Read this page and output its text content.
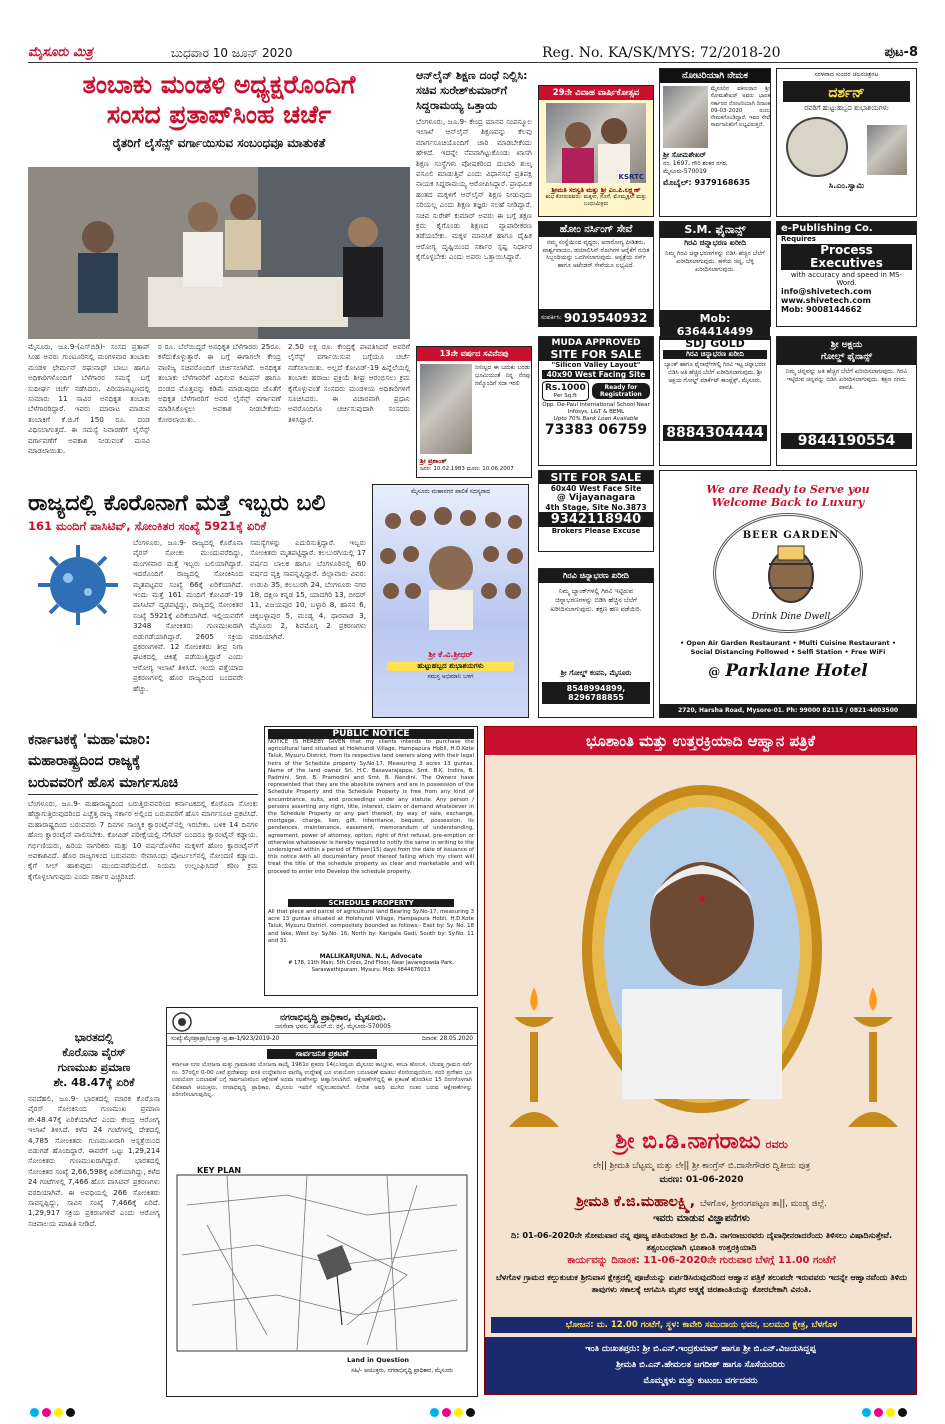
ಮೈಸೂರು ಮಿತ್ರ	ಬುಧವಾರ 10 ಜೂನ್ 2020	Reg. No. KA/SK/MYS: 72/2018-20	ಪುಟ-8
ತಂಬಾಕು ಮಂಡಳಿ ಅಧ್ಯಕ್ಷರೊಂದಿಗೆ
ಸಂಸದ ಪ್ರತಾಪ್‌ಸಿಂಹ ಚರ್ಚೆ
ರೈತರಿಗೆ ಲೈಸೆನ್ಸ್ ವರ್ಗಾಯಿಸುವ ಸಂಬಂಧವೂ ಮಾತುಕತೆ
ಮೈಸೂರು, ಜೂ.9-(ಎಸ್‌ಬಿಡಿ)- ಸಂಸದ ಪ್ರತಾಪ್ ಸಿಂಹ ಅವರು ಗುಂಟೂರಿನಲ್ಲಿ ಮಂಗಳವಾರ ತಂಬಾಕು ಮಂಡಳಿ ಛೇರ್ಮನ್ ರಘುನಾಥ್ ಬಾಬು ಹಾಗೂ ಅಧಿಕಾರಿಗಳೊಂದಿಗೆ ಬೆಳೆಗಾರರ ಸಮಸ್ಯೆ ಬಗ್ಗೆ ಸುದೀರ್ಘ ಚರ್ಚೆ ನಡೆಸಿದರು. ಪಿರಿಯಾಪಟ್ಟಣದಲ್ಲಿ ಸುಮಾರು 11 ಸಾವಿರ ಅನಧಿಕೃತ ತಂಬಾಕು ಬೆಳೆಗಾರರಿದ್ದಾರೆ. ಇವರು ಮಾರಾಟ ಮಾಡುವ ತಂಬಾಕಿಗೆ ಕೆ.ಜಿ.ಗೆ 150 ರೂ. ದಂಡ ವಿಧಿಸಲಾಗುತ್ತದೆ. ಈ ಸಮಸ್ಯೆ ನಿವಾರಣೆಗೆ ಲೈಸೆನ್ಸ್ ವರ್ಗಾವಣೆಗೆ ಅವಕಾಶ ನೀಡುವಂತೆ ಮನವಿ ಮಾಡಲಾಯಿತು.
ರ ರೂ. ಬೆಲೆಯಿದ್ದರೆ ಅನಧಿಕೃತ ಬೆಳೆಗಾರರು 25ರೂ. ಕಳೆದುಕೊಳ್ಳುತ್ತಾರೆ. ಈ ಬಗ್ಗೆ ಈಗಾಗಲೇ ಕೇಂದ್ರ ವಾಣಿಜ್ಯ ಸಚಿವರೊಂದಿಗೆ ಚರ್ಚಿಸಲಾಗಿದೆ. ಅನಧಿಕೃತ ತಂಬಾಕು ಬೆಳೆಗಾರರಿಗೆ ವಿಧಿಸುವ ಕಮಿಷನ್ ಹಾಗೂ ದಂಡದ ಮೊತ್ತವನ್ನು ಕಡಿಮೆ ಮಾಡುವುದರ ಜೊತೆಗೆ ಅಧಿಕೃತ ಬೆಳೆಗಾರರಿಗೆ ಅವರ ಲೈಸೆನ್ಸ್ ವರ್ಗಾವಣೆ ಮಾಡಿಸಿಕೊಳ್ಳಲು ಅವಕಾಶ ನೀಡಬೇಕೆಂದು ಕೋರಲಾಯಿತು.
2.50 ಲಕ್ಷ ರೂ. ಕೇಂದ್ರಕ್ಕೆ ಪಾವತಿಸಿದರೆ ಅವರಿಗೆ ಲೈಸೆನ್ಸ್ ವರ್ಗಾಯಿಸುವ ಬಗ್ಗೆಯೂ ಚರ್ಚೆ ನಡೆಸಲಾಯಿತು. ಅಲ್ಲದೆ ಕೋವಿಡ್-19 ಹಿನ್ನೆಲೆಯಲ್ಲಿ ತಂಬಾಕು ಹರಾಜು ಪ್ರಕ್ರಿಯೆ ಶೀಘ್ರ ಆರಂಭಿಸಲು ಕ್ರಮ ಕೈಗೊಳ್ಳುವಂತೆ ಸಂಸದರು ಮಂಡಳಿಯ ಅಧಿಕಾರಿಗಳಿಗೆ ಸೂಚಿಸಿದರು. ಈ ವಿಚಾರವಾಗಿ ಪ್ರಧಾನಿ ಅವರೊಂದಿಗೂ ಚರ್ಚಿಸುವುದಾಗಿ ಸಂಸದರು ತಿಳಿಸಿದ್ದಾರೆ.
ಆನ್‌ಲೈನ್ ಶಿಕ್ಷಣ ದಂಧೆ ನಿಲ್ಲಿಸಿ: ಸಚಿವ ಸುರೇಶ್‌ಕುಮಾರ್‌ಗೆ ಸಿದ್ದರಾಮಯ್ಯ ಒತ್ತಾಯ
ಬೆಂಗಳೂರು, ಜೂ.9- ಕೇಂದ್ರ ಮಾನವ ಸಂಪನ್ಮೂಲ ಇಲಾಖೆ ಆನ್‌ಲೈನ್ ಶಿಕ್ಷಣವನ್ನು ಕೆಲವು ಮಾರ್ಗಸೂಚಿಯೊಂದಿಗೆ ಜಾರಿ ಮಾಡಬೇಕೆಂದು ಹೇಳಿದೆ. ಇದನ್ನೇ ನೆಪವಾಗಿಟ್ಟುಕೊಂಡು ಖಾಸಗಿ ಶಿಕ್ಷಣ ಸಂಸ್ಥೆಗಳು ಪೋಷಕರಿಂದ ದುಬಾರಿ ಶುಲ್ಕ ವಸೂಲಿ ಮಾಡುತ್ತಿವೆ ಎಂದು ವಿಧಾನಸಭೆ ಪ್ರತಿಪಕ್ಷ ನಾಯಕ ಸಿದ್ದರಾಮಯ್ಯ ಆರೋಪಿಸಿದ್ದಾರೆ. ಪ್ರಾಥಮಿಕ ಹಂತದ ಮಕ್ಕಳಿಗೆ ಆನ್‌ಲೈನ್ ಶಿಕ್ಷಣ ನೀಡುವುದು ಸರಿಯಲ್ಲ ಎಂದು ಶಿಕ್ಷಣ ತಜ್ಞರು ಸಲಹೆ ನೀಡಿದ್ದಾರೆ. ಸಚಿವ ಸುರೇಶ್ ಕುಮಾರ್ ಅವರು ಈ ಬಗ್ಗೆ ತಕ್ಷಣ ಕ್ರಮ ಕೈಗೊಂಡು ಶಿಕ್ಷಣದ ವ್ಯಾಪಾರೀಕರಣ ತಡೆಯಬೇಕು. ಮಕ್ಕಳ ಮಾನಸಿಕ ಹಾಗೂ ದೈಹಿಕ ಆರೋಗ್ಯ ದೃಷ್ಟಿಯಿಂದ ಸರ್ಕಾರ ಸ್ಪಷ್ಟ ನಿರ್ಧಾರ ಕೈಗೊಳ್ಳಬೇಕು ಎಂದು ಅವರು ಒತ್ತಾಯಿಸಿದ್ದಾರೆ.
29ನೇ ವಿವಾಹ ವಾರ್ಷಿಕೋತ್ಸವ
KSRTC
ಶ್ರೀಮತಿ ಸರಸ್ವತಿ ಮತ್ತು ಶ್ರೀ ಎಂ.ಪಿ.ಲಕ್ಷ್ಮಣ್
ಶುಭ ಕೋರುವವರು: ಮಕ್ಕಳು, ಸೊಸೆ, ಮೊಮ್ಮಕ್ಕಳು ಮತ್ತು ಬಂಧುಮಿತ್ರರು
ನೋಟರಿಯಾಗಿ ನೇಮಕ
ಮೈಸೂರಿನ ವಕೀಲರಾದ ಶ್ರೀ ಸೋಮಶೇಖರ್ ಅವರು ಭಾರತ ಸರ್ಕಾರದ ನೋಟರಿಯಾಗಿ ದಿನಾಂಕ 09-03-2020 ರಂದು ನೇಮಕಗೊಂಡಿದ್ದಾರೆ. ಇವರ ಸೇವೆ ಸಾರ್ವಜನಿಕರಿಗೆ ಲಭ್ಯವಿರುತ್ತದೆ.
ಶ್ರೀ ಸೋಮಶೇಖರ್
ನಂ. 1697, ಗೌರಿ ಶಂಕರ ನಗರ, ಮೈಸೂರು-570019
ಮೊಬೈಲ್: 9379168635
ಸರಳವಾದ ಸುಂದರ ಚಲನಚಿತ್ರನಟ
ದರ್ಶನ್
ರವರಿಗೆ ಹುಟ್ಟುಹಬ್ಬದ ಶುಭಾಶಯಗಳು
ಸಿ.ಎಂ.ಸ್ವಾಮಿ
ಹೋಂ ನರ್ಸಿಂಗ್ ಸೇವೆ
ನಮ್ಮ ಸಂಸ್ಥೆಯಿಂದ ವೃದ್ಧರು, ಅನಾರೋಗ್ಯ ಪೀಡಿತರು, ಪಾರ್ಶ್ವವಾಯು, ಡಯಾಲಿಸಿಸ್ ರೋಗಿಗಳ ಆರೈಕೆಗೆ ನುರಿತ ಸಿಬ್ಬಂದಿಯನ್ನು ಒದಗಿಸಲಾಗುವುದು. ಆಸ್ಪತ್ರೆಯ ನರ್ಸ್ ಹಾಗೂ ಅಟೆಂಡರ್ ಸೇವೆಯೂ ಲಭ್ಯವಿದೆ.
ಸಂಪರ್ಕಿಸಿ: 9019540932
S.M. ಫೈನಾನ್ಸ್
ಗಿರವಿ ಚಿನ್ನಾಭರಣ ಖರೀದಿ
ನಿಮ್ಮ ಗಿರವಿ ಚಿನ್ನಾಭರಣಗಳನ್ನು ಬಿಡಿಸಿ ಹೆಚ್ಚಿನ ಬೆಲೆಗೆ ಖರೀದಿಸಲಾಗುವುದು. ಹಳೆಯ ಚಿನ್ನ, ಬೆಳ್ಳಿ ಖರೀದಿಸಲಾಗುವುದು.
Mob: 6364414499
e-Publishing Co.
Requires
Process
Executives
with accuracy and speed in MS-Word.
info@shivetech.com
www.shivetech.com
Mob: 9008144662
13ನೇ ವರ್ಷದ ಸವಿನೆನಪು
ನೀನಿಲ್ಲದ ಈ ಬದುಕು ಬರಡು ಭೂಮಿಯಂತೆ ನಿನ್ನ ನೆನಪು ನಮ್ಮೊಂದಿಗೆ ಸದಾ ಇರಲಿ
ಶ್ರೀ ಪ್ರಶಾಂತ್
ಜನನ: 10.02.1983 ಮರಣ: 10.06.2007
MUDA APPROVED
SITE FOR SALE
"Silicon Valley Layout"
40x90 West Facing Site
Rs.1000
Per Sq.ft
Ready for Registration
Opp. De-Paul International School Near Infosys, L&T & BEML
Upto 70% Bank Loan Available
73383 06759
SDJ GOLD
ಗಿರವಿ ಚಿನ್ನಾಭರಣ ಖರೀದಿ
ಬ್ಯಾಂಕ್ ಹಾಗೂ ಫೈನಾನ್ಸ್‌ಗಳಲ್ಲಿ ಗಿರವಿ ಇಟ್ಟ ಚಿನ್ನಾಭರಣ ಬಿಡಿಸಿ ಅತಿ ಹೆಚ್ಚಿನ ಬೆಲೆಗೆ ಖರೀದಿಸಲಾಗುವುದು. ಶ್ರೀ ಅಕ್ಷಯ ಗೋಲ್ಡ್ ಮಾರ್ಕೆಟ್ ಕಾಂಪ್ಲೆಕ್ಸ್, ಮೈಸೂರು.
8884304444
ಶ್ರೀ ಅಕ್ಷಯ
ಗೋಲ್ಡ್ ಫೈನಾನ್ಸ್
ನಿಮ್ಮ ಚಿನ್ನವನ್ನು ಅತಿ ಹೆಚ್ಚಿನ ಬೆಲೆಗೆ ಖರೀದಿಸಲಾಗುವುದು. ಗಿರವಿ ಇಟ್ಟಿರುವ ಚಿನ್ನವನ್ನು ಬಿಡಿಸಿ ಖರೀದಿಸಲಾಗುವುದು. ತಕ್ಷಣ ನಗದು ಪಾವತಿ.
9844190554
ರಾಜ್ಯದಲ್ಲಿ ಕೊರೊನಾಗೆ ಮತ್ತೆ ಇಬ್ಬರು ಬಲಿ
161 ಮಂದಿಗೆ ಪಾಸಿಟಿವ್, ಸೋಂಕಿತರ ಸಂಖ್ಯೆ 5921ಕ್ಕೆ ಏರಿಕೆ
ಬೆಂಗಳೂರು, ಜೂ.9- ರಾಜ್ಯದಲ್ಲಿ ಕೊರೊನಾ ವೈರಸ್ ಸೋಂಕು ಮುಂದುವರೆದಿದ್ದು, ಮಂಗಳವಾರ ಮತ್ತೆ ಇಬ್ಬರು ಬಲಿಯಾಗಿದ್ದಾರೆ. ಇದರೊಂದಿಗೆ ರಾಜ್ಯದಲ್ಲಿ ಸೋಂಕಿನಿಂದ ಮೃತಪಟ್ಟವರ ಸಂಖ್ಯೆ 66ಕ್ಕೆ ಏರಿಕೆಯಾಗಿದೆ. ಇಂದು ಮತ್ತೆ 161 ಮಂದಿಗೆ ಕೋವಿಡ್-19 ಪಾಸಿಟಿವ್ ದೃಢಪಟ್ಟಿದ್ದು, ರಾಜ್ಯದಲ್ಲಿ ಸೋಂಕಿತರ ಸಂಖ್ಯೆ 5921ಕ್ಕೆ ಏರಿಕೆಯಾಗಿದೆ. ಇಲ್ಲಿಯವರೆಗೆ 3248 ಸೋಂಕಿತರು ಗುಣಮುಖರಾಗಿ ಬಿಡುಗಡೆಯಾಗಿದ್ದಾರೆ. 2605 ಸಕ್ರಿಯ ಪ್ರಕರಣಗಳಿವೆ. 12 ಸೋಂಕಿತರು ತೀವ್ರ ನಿಗಾ ಘಟಕದಲ್ಲಿ ಚಿಕಿತ್ಸೆ ಪಡೆಯುತ್ತಿದ್ದಾರೆ ಎಂದು ಆರೋಗ್ಯ ಇಲಾಖೆ ತಿಳಿಸಿದೆ. ಇಂದು ಪತ್ತೆಯಾದ ಪ್ರಕರಣಗಳಲ್ಲಿ ಹೊರ ರಾಜ್ಯದಿಂದ ಬಂದವರೇ ಹೆಚ್ಚು.
ಸಮಸ್ಯೆಗಳನ್ನು ಎದುರಿಸುತ್ತಿದ್ದಾರೆ. ಇಬ್ಬರು ಸೋಂಕಿತರು ಮೃತಪಟ್ಟಿದ್ದಾರೆ. ಕಲಬುರಗಿಯಲ್ಲಿ 17 ವರ್ಷದ ಬಾಲಕ ಹಾಗೂ ಬೆಂಗಳೂರಿನಲ್ಲಿ 60 ವರ್ಷದ ವ್ಯಕ್ತಿ ಸಾವನ್ನಪ್ಪಿದ್ದಾರೆ. ಜಿಲ್ಲಾವಾರು ವಿವರ: ಉಡುಪಿ 35, ಕಲಬುರಗಿ 24, ಬೆಂಗಳೂರು ನಗರ 18, ದಕ್ಷಿಣ ಕನ್ನಡ 15, ಯಾದಗಿರಿ 13, ಬೀದರ್ 11, ವಿಜಯಪುರ 10, ಬಳ್ಳಾರಿ 8, ಹಾಸನ 6, ಚಿಕ್ಕಬಳ್ಳಾಪುರ 5, ಮಂಡ್ಯ 4, ಧಾರವಾಡ 3, ಮೈಸೂರು 2, ಶಿವಮೊಗ್ಗ 2 ಪ್ರಕರಣಗಳು ವರದಿಯಾಗಿವೆ.
ಮೈಸೂರು ಮಹಾನಗರ ಪಾಲಿಕೆ ಸದಸ್ಯರಾದ
ಶ್ರೀ ಕೆ.ವಿ.ಶ್ರೀಧರ್
ಹುಟ್ಟುಹಬ್ಬದ ಶುಭಾಶಯಗಳು
ಸಮಸ್ತ ಅಭಿಮಾನಿ ಬಳಗ
SITE FOR SALE
60x40 West Face Site
@ Vijayanagara
4th Stage, Site No.3873
9342118940
Brokers Please Excuse
ಗಿರವಿ ಚಿನ್ನಾಭರಣ ಖರೀದಿ
ನಿಮ್ಮ ಬ್ಯಾಂಕ್‌ಗಳಲ್ಲಿ ಗಿರವಿ ಇಟ್ಟಿರುವ ಚಿನ್ನಾಭರಣಗಳನ್ನು ಬಿಡಿಸಿ ಹೆಚ್ಚಿನ ಬೆಲೆಗೆ ಖರೀದಿಸಲಾಗುವುದು. ತಕ್ಷಣ ಹಣ ಪಡೆಯಿರಿ.
ಶ್ರೀ ಗೋಲ್ಡ್ ಕಂಪನಿ, ಮೈಸೂರು
8548994899, 8296788855
We are Ready to Serve you
Welcome Back to Luxury
BEER GARDEN
Drink Dine Dwell
• Open Air Garden Restaurant • Multi Cuisine Restaurant • Social Distancing Followed • Selfi Station • Free WiFi
@ Parklane Hotel
2720, Harsha Road, Mysore-01. Ph: 99000 82115 / 0821-4003500
ಕರ್ನಾಟಕಕ್ಕೆ 'ಮಹಾ'ಮಾರಿ:
ಮಹಾರಾಷ್ಟ್ರದಿಂದ ರಾಜ್ಯಕ್ಕೆ
ಬರುವವರಿಗೆ ಹೊಸ ಮಾರ್ಗಸೂಚಿ
ಬೆಂಗಳೂರು, ಜೂ.9- ಮಹಾರಾಷ್ಟ್ರದಿಂದ ಬರುತ್ತಿರುವವರಿಂದ ಕರ್ನಾಟಕದಲ್ಲಿ ಕೊರೊನಾ ಸೋಂಕು ಹೆಚ್ಚಾಗುತ್ತಿರುವುದರಿಂದ ಎಚ್ಚೆತ್ತ ರಾಜ್ಯ ಸರ್ಕಾರ ಅಲ್ಲಿಂದ ಬರುವವರಿಗೆ ಹೊಸ ಮಾರ್ಗಸೂಚಿ ಪ್ರಕಟಿಸಿದೆ. ಮಹಾರಾಷ್ಟ್ರದಿಂದ ಬರುವವರು 7 ದಿನಗಳ ಸಾಂಸ್ಥಿಕ ಕ್ವಾರಂಟೈನ್‌ನಲ್ಲಿ ಇರಬೇಕು. ಬಳಿಕ 14 ದಿನಗಳ ಹೋಂ ಕ್ವಾರಂಟೈನ್ ಪಾಲಿಸಬೇಕು. ಕೋವಿಡ್ ಪರೀಕ್ಷೆಯಲ್ಲಿ ನೆಗೆಟಿವ್ ಬಂದರೂ ಕ್ವಾರಂಟೈನ್ ಕಡ್ಡಾಯ. ಗರ್ಭಿಣಿಯರು, ಹಿರಿಯ ನಾಗರಿಕರು ಮತ್ತು 10 ವರ್ಷದೊಳಗಿನ ಮಕ್ಕಳಿಗೆ ಹೋಂ ಕ್ವಾರಂಟೈನ್‌ಗೆ ಅವಕಾಶವಿದೆ. ಹೊರ ರಾಜ್ಯಗಳಿಂದ ಬರುವವರು ಸೇವಾಸಿಂಧು ಪೋರ್ಟಲ್‌ನಲ್ಲಿ ನೋಂದಣಿ ಕಡ್ಡಾಯ. ಕೈಗೆ ಸೀಲ್ ಹಾಕುವುದು ಮುಂದುವರೆಯಲಿದೆ. ನಿಯಮ ಉಲ್ಲಂಘಿಸಿದರೆ ಕಠಿಣ ಕ್ರಮ ಕೈಗೊಳ್ಳಲಾಗುವುದು ಎಂದು ಸರ್ಕಾರ ಎಚ್ಚರಿಸಿದೆ.
ಭಾರತದಲ್ಲಿ
ಕೊರೊನಾ ವೈರಸ್
ಗುಣಮುಖ ಪ್ರಮಾಣ
ಶೇ. 48.47ಕ್ಕೆ ಏರಿಕೆ
ನವದೆಹಲಿ, ಜೂ.9- ಭಾರತದಲ್ಲಿ ಮಾರಕ ಕೊರೊನಾ ವೈರಸ್ ಸೋಂಕಿನಿಂದ ಗುಣಮುಖ ಪ್ರಮಾಣ ಶೇ.48.47ಕ್ಕೆ ಏರಿಕೆಯಾಗಿದೆ ಎಂದು ಕೇಂದ್ರ ಆರೋಗ್ಯ ಇಲಾಖೆ ತಿಳಿಸಿದೆ. ಕಳೆದ 24 ಗಂಟೆಗಳಲ್ಲಿ ದೇಶದಲ್ಲಿ 4,785 ಸೋಂಕಿತರು ಗುಣಮುಖರಾಗಿ ಆಸ್ಪತ್ರೆಯಿಂದ ಬಿಡುಗಡೆ ಹೊಂದಿದ್ದಾರೆ. ಈವರೆಗೆ ಒಟ್ಟು 1,29,214 ಸೋಂಕಿತರು ಗುಣಮುಖರಾಗಿದ್ದಾರೆ. ಭಾರತದಲ್ಲಿ ಸೋಂಕಿತರ ಸಂಖ್ಯೆ 2,66,598ಕ್ಕೆ ಏರಿಕೆಯಾಗಿದ್ದು, ಕಳೆದ 24 ಗಂಟೆಗಳಲ್ಲಿ 7,466 ಹೊಸ ಪಾಸಿಟಿವ್ ಪ್ರಕರಣಗಳು ವರದಿಯಾಗಿವೆ. ಈ ಅವಧಿಯಲ್ಲಿ 266 ಸೋಂಕಿತರು ಸಾವನ್ನಪ್ಪಿದ್ದು, ಸಾವಿನ ಸಂಖ್ಯೆ 7,466ಕ್ಕೆ ಏರಿದೆ. 1,29,917 ಸಕ್ರಿಯ ಪ್ರಕರಣಗಳಿವೆ ಎಂದು ಆರೋಗ್ಯ ಸಚಿವಾಲಯ ಮಾಹಿತಿ ನೀಡಿದೆ.
PUBLIC NOTICE
NOTICE IS HEREBY GIVEN that my clients intends to purchase the agricultural land situated at Holehundi Village, Hampapura Hobli, H.D.Kote Taluk, Mysuru District, from its respective land owners along with their legal heirs of the Schedule property Sy.No.17, Measuring 3 acres 13 guntas. Name of the land owner Sri. H.C. Basavarajappa, Smt. B.K. Indira, B. Padmini, Smt. B. Pramodini and Smt. B. Nandini. The Owners have represented that they are the absolute owners and are in possession of the Schedule Property and the Schedule Property is free from any kind of encumbrance, suits, and proceedings under any statute. Any person / persons asserting any right, title, interest, claim or demand whatsoever in the Schedule Property or any part thereof, by way of sale, exchange, mortgage, charge, lien, gift, inheritance, bequest, possession, lis pendences, maintenance, easement, memorandum of understanding, agreement, power of attorney, option, right of first refusal, pre-emption or otherwise whatsoever is hereby required to notify the same in writing to the undersigned within a period of Fifteen(15) days from the date of issuance of this notice with all documentary proof thereof failing which my client will treat the title of the schedule property as clear and marketable and will proceed to enter into Develop the schedule property.
SCHEDULE PROPERTY
All that piece and parcel of agricultural land Bearing Sy.No-17, measuring 3 acre 13 guntas situated at Holehundi Village, Hampapura Hobli, H.D.Kote Taluk, Mysuru District. compositely bounded as follows:- East by: Sy. No. 18 and lake, West by: Sy.No. 16, North by: Karigala Gadi, South by: Sy.No. 11 and 31.
MALLIKARJUNA. N.L, Advocate
# 178, 11th Main, 5th Cross, 2nd Floor, Near Javaregowda Park, Saraswathipuram, Mysuru. Mob: 9844676013
ನಗರಾಭಿವೃದ್ಧಿ ಪ್ರಾಧಿಕಾರ, ಮೈಸೂರು.
ಜನಸೇವಾ ಭವನ, ಜೆ.ಎಲ್.ಬಿ. ರಸ್ತೆ, ಮೈಸೂರು-570005
ಸಂಖ್ಯೆ:ಮೈನಪ್ರಾಪ್ರಾ/ಭೂಸ್ವಾ-ಪ್ರ.ಶಾ-1/923/2019-20	ದಿನಾಂಕ: 28.05.2020
ಸಾರ್ವಜನಿಕ ಪ್ರಕಟಣೆ
ಕರ್ನಾಟಕ ನಗರ ಯೋಜನಾ ಮತ್ತು ಗ್ರಾಮಾಂತರ ಯೋಜನಾ ಕಾಯ್ದೆ 1961ರ ಪ್ರಕರಣ 14(ಎ)ರನ್ವಯ ಮೈಸೂರು ತಾಲ್ಲೂಕು, ಕಸಬಾ ಹೋಬಳಿ, ಬೆಲವತ್ತ ಗ್ರಾಮದ ಸರ್ವೆ ನಂ. 37ರಲ್ಲಿನ 0-00 ಎಕರೆ ಪ್ರದೇಶವನ್ನು ವಸತಿ ಉದ್ದೇಶದಿಂದ ವಾಣಿಜ್ಯ ಉದ್ದೇಶಕ್ಕೆ ಭೂ ಉಪಯೋಗ ಬದಲಾವಣೆ ಮಾಡಲು ಕೋರಿರುವುದರಿಂದ, ಸದರಿ ಪ್ರದೇಶದ ಭೂ ಉಪಯೋಗ ಬದಲಾವಣೆ ಬಗ್ಗೆ ಸಾರ್ವಜನಿಕರಿಂದ ಆಕ್ಷೇಪಣೆ ಅಥವಾ ಸಲಹೆಗಳನ್ನು ಆಹ್ವಾನಿಸಲಾಗಿದೆ. ಆಕ್ಷೇಪಣೆಗಳಿದ್ದಲ್ಲಿ ಈ ಪ್ರಕಟಣೆ ಹೊರಡಿಸಿದ 15 ದಿನಗಳೊಳಗಾಗಿ ಲಿಖಿತವಾಗಿ ಆಯುಕ್ತರು, ನಗರಾಭಿವೃದ್ಧಿ ಪ್ರಾಧಿಕಾರ, ಮೈಸೂರು ಇವರಿಗೆ ಸಲ್ಲಿಸಬಹುದಾಗಿದೆ. ನಿಗದಿತ ಅವಧಿ ಮುಗಿದ ನಂತರ ಬರುವ ಆಕ್ಷೇಪಣೆಗಳನ್ನು ಪರಿಗಣಿಸಲಾಗುವುದಿಲ್ಲ.
KEY PLAN
Land in Question
ಸಹಿ/- ಆಯುಕ್ತರು, ನಗರಾಭಿವೃದ್ಧಿ ಪ್ರಾಧಿಕಾರ, ಮೈಸೂರು
ಭೂಶಾಂತಿ ಮತ್ತು ಉತ್ತರಕ್ರಿಯಾದಿ ಆಹ್ವಾನ ಪತ್ರಿಕೆ
ಶ್ರೀ ಬಿ.ಡಿ.ನಾಗರಾಜು ರವರು
ಲೇ|| ಶ್ರೀಮತಿ ಬೆಟ್ಟಮ್ಮ ಮತ್ತು ಲೇ|| ಶ್ರೀ ಕಾಂಗ್ರೆಸ್ ಬಿ.ದಾಸೇಗೌಡರ ದ್ವಿತೀಯ ಪುತ್ರ
ಮರಣ: 01-06-2020
ಶ್ರೀಮತಿ ಕೆ.ಜಿ.ಮಹಾಲಕ್ಷ್ಮಿ, ಬೆಳಗೊಳ, ಶ್ರೀರಂಗಪಟ್ಟಣ ತಾ||, ಮಂಡ್ಯ ಜಿಲ್ಲೆ.
ಇವರು ಮಾಡುವ ವಿಜ್ಞಾಪನೆಗಳು
ದಿ: 01-06-2020ನೇ ಸೋಮವಾರ ನನ್ನ ಪೂಜ್ಯ ಪತಿಯವರಾದ ಶ್ರೀ ಬಿ.ಡಿ. ನಾಗರಾಜುರವರು ದೈವಾಧೀನರಾದರೆಂದು ತಿಳಿಸಲು ವಿಷಾದಿಸುತ್ತೇವೆ. ತತ್ಸಂಬಂಧವಾಗಿ ಭೂಶಾಂತಿ ಉತ್ತರಕ್ರಿಯಾದಿ
ಕಾರ್ಯವನ್ನು ದಿನಾಂಕ: 11-06-2020ನೇ ಗುರುವಾರ ಬೆಳಗ್ಗೆ 11.00 ಗಂಟೆಗೆ
ಬೆಳಗೊಳ ಗ್ರಾಮದ ಕಲ್ಲುಕುಚುಕ ಶ್ರೀನಿವಾಸ ಕ್ಷೇತ್ರದಲ್ಲಿ ಪೂಜೆಯನ್ನು ಏರ್ಪಡಿಸಿರುವುದರಿಂದ ಆಹ್ವಾನ ಪತ್ರಿಕೆ ತಲುಪದೇ ಇರುವವರು ಇದನ್ನೇ ಆಹ್ವಾನವೆಂದು ತಿಳಿದು ತಾವುಗಳು ಸಕಾಲಕ್ಕೆ ಆಗಮಿಸಿ ಮೃತರ ಆತ್ಮಕ್ಕೆ ಚಿರಶಾಂತಿಯನ್ನು ಕೋರಬೇಕಾಗಿ ವಿನಂತಿ.
ಭೋಜನ: ಮ. 12.00 ಗಂಟೆಗೆ, ಸ್ಥಳ: ಕಾವೇರಿ ಸಮುದಾಯ ಭವನ, ಬಲಮುರಿ ಕ್ಷೇತ್ರ, ಬೆಳಗೊಳ
ಇಂತಿ ದುಃಖತಪ್ತರು: ಶ್ರೀ ಬಿ.ಎನ್.ಇಂದ್ರಕುಮಾರ್ ಹಾಗೂ ಶ್ರೀ ಬಿ.ಎನ್.ವಿಜಯಸಿದ್ದಪ್ಪ
ಶ್ರೀಮತಿ ಬಿ.ಎನ್.ಹೇಮಲತ ಜಗದೀಶ್ ಹಾಗೂ ಸೊಸೆಯಂದಿರು
ಮೊಮ್ಮಕ್ಕಳು ಮತ್ತು ಕುಟುಂಬ ವರ್ಗದವರು
